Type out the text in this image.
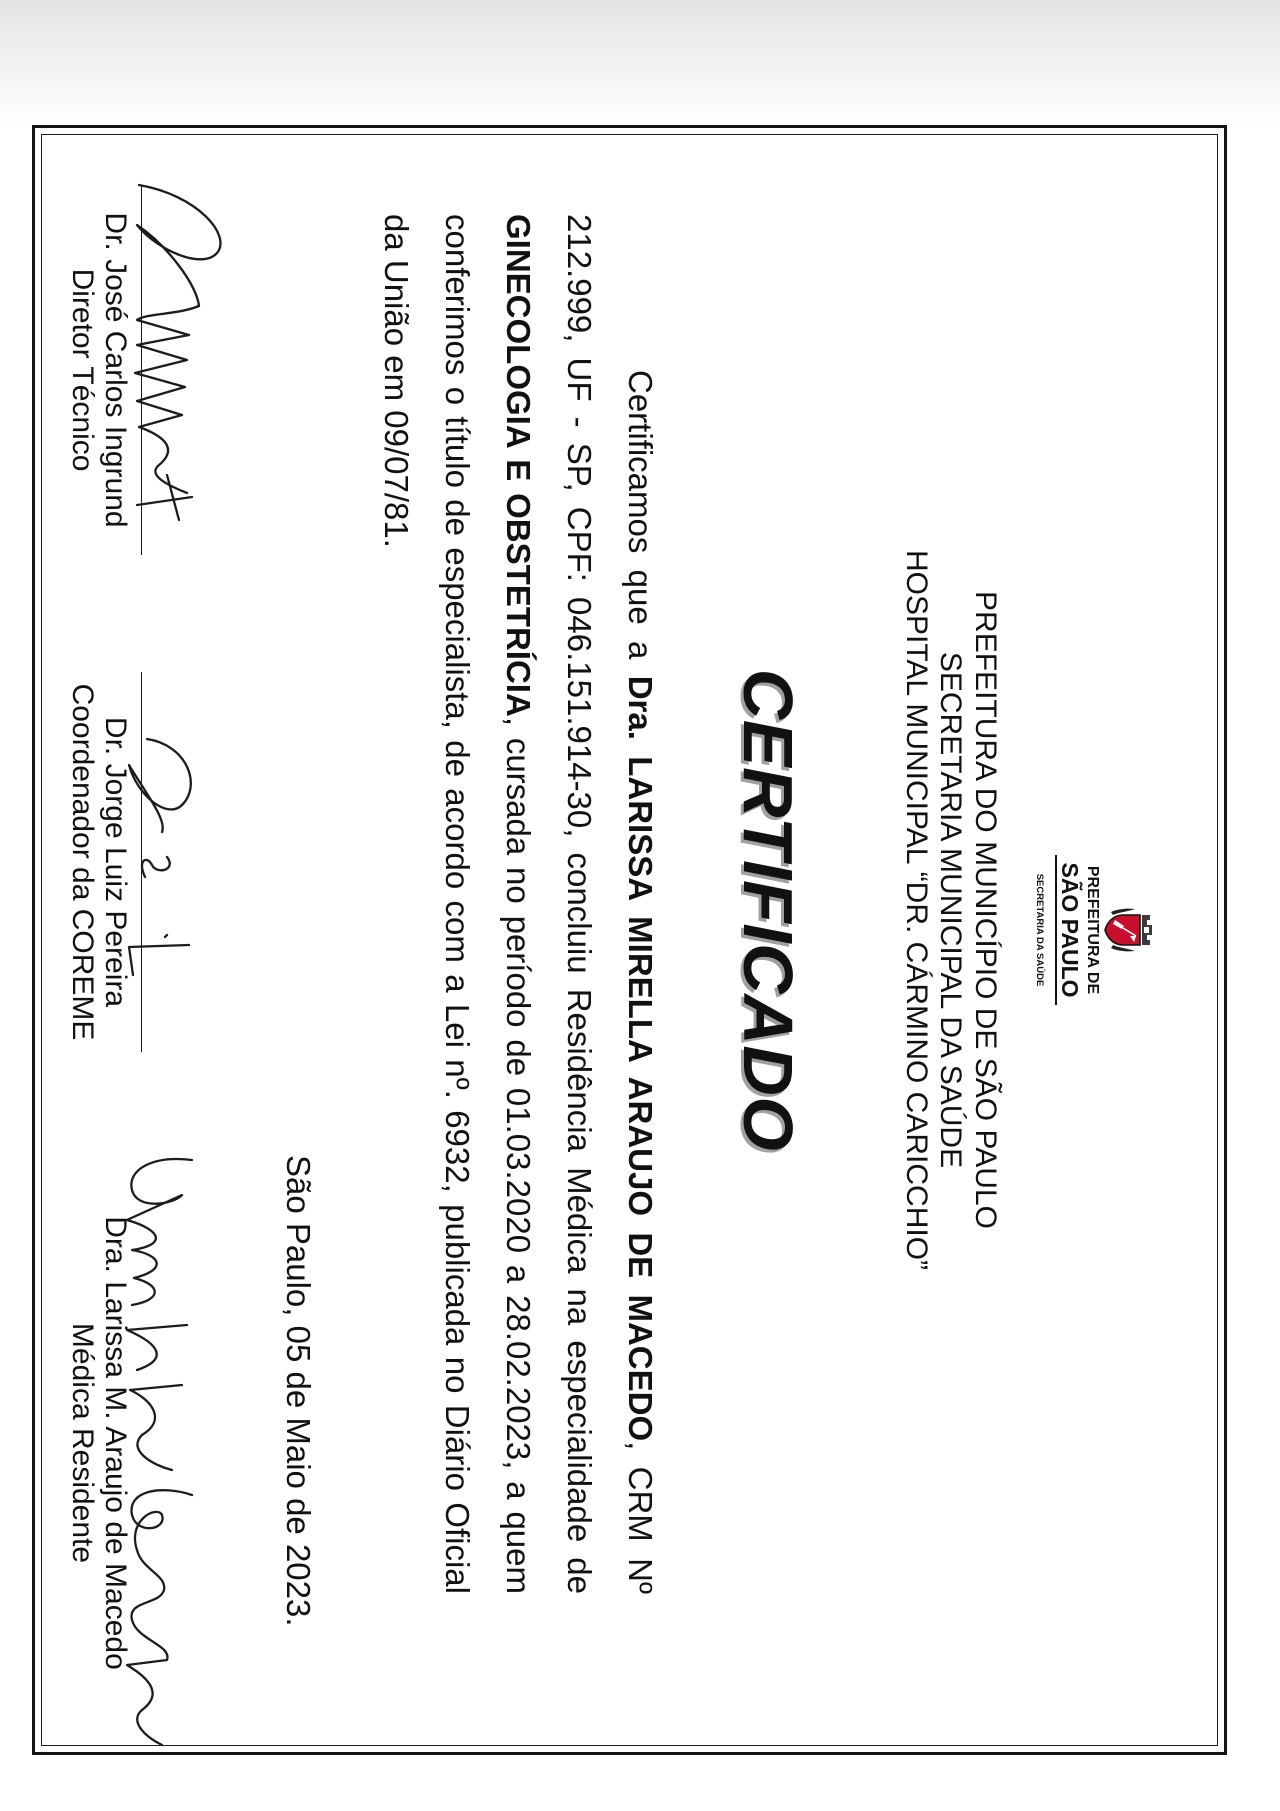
PREFEITURA DE
SÃO PAULO
SECRETARIA DA SAÚDE
PREFEITURA DO MUNICÍPIO DE SÃO PAULO
SECRETARIA MUNICIPAL DA SAÚDE
HOSPITAL MUNICIPAL “DR. CÁRMINO CARICCHIO”
CERTIFICADO
Certificamos que a Dra. LARISSA MIRELLA ARAUJO DE MACEDO, CRM Nº
212.999, UF - SP, CPF: 046.151.914-30, concluiu Residência Médica na especialidade de
GINECOLOGIA E OBSTETRÍCIA, cursada no período de 01.03.2020 a 28.02.2023, a quem
conferimos o título de especialista, de acordo com a Lei nº. 6932, publicada no Diário Oficial
da União em 09/07/81.
São Paulo, 05 de Maio de 2023.
Dr. José Carlos Ingrund
Diretor Técnico
Dr. Jorge Luiz Pereira
Coordenador da COREME
Dra. Larissa M. Araujo de Macedo
Médica Residente
